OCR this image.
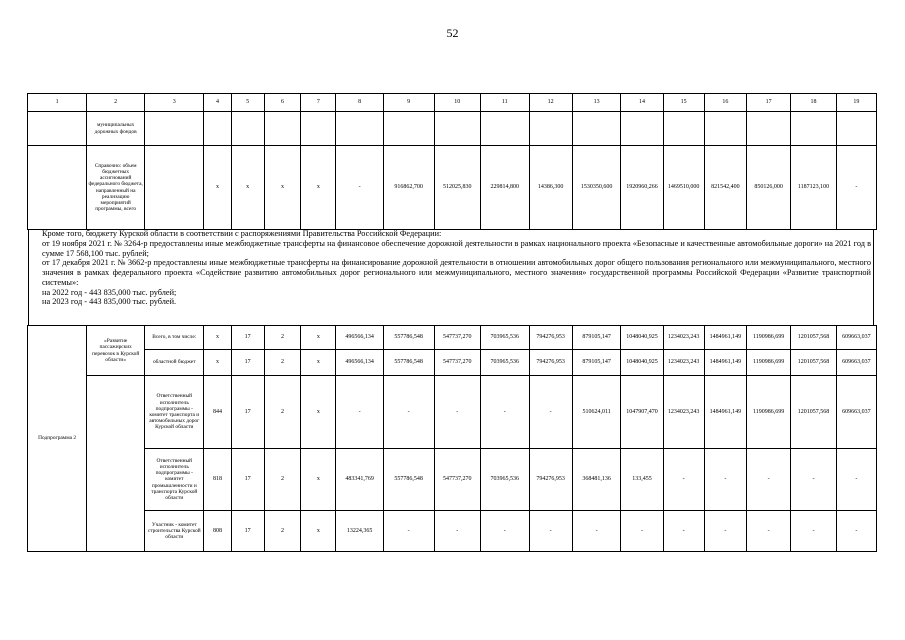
52
1	2	3	4	5	6	7	8	9	10	11	12	13	14	15	16	17	18	19
	муниципальных дорожных фондов																	
	Справочно: объем бюджетных ассигнований федерального бюджета, направленный на реализацию мероприятий программы, всего		х	х	х	х	-	916862,700	512025,830	229814,800	14386,300	1530350,600	1920960,266	1469510,000	821542,400	850126,000	1187123,100	-

Кроме того, бюджету Курской области в соответствии с распоряжениями Правительства Российской Федерации:

от 19 ноября 2021 г. № 3264-р предоставлены иные межбюджетные трансферты на финансовое обеспечение дорожной деятельности в рамках национального проекта «Безопасные и качественные автомобильные дороги» на 2021 год в сумме 17 568,100 тыс. рублей;

от 17 декабря 2021 г. № 3662-р предоставлены иные межбюджетные трансферты на финансирование дорожной деятельности в отношении автомобильных дорог общего пользования регионального или межмуниципального, местного значения в рамках федерального проекта «Содействие развитию автомобильных дорог регионального или межмуниципального, местного значения» государственной программы Российской Федерации «Развитие транспортной системы»:

на 2022 год - 443 835,000 тыс. рублей;

на 2023 год - 443 835,000 тыс. рублей.

Подпрограмма 2	«Развитие пассажирских перевозок в Курской области»	Всего, в том числе:	х	17	2	х	496566,134	557786,548	547737,270	703965,536	794276,953	879105,147	1048040,925	1234023,243	1484961,149	1190986,699	1201057,568	609663,037
		областной бюджет	х	17	2	х	496566,134	557786,548	547737,270	703965,536	794276,953	879105,147	1048040,925	1234023,243	1484961,149	1190986,699	1201057,568	609663,037
		Ответственный исполнитель подпрограммы - комитет транспорта и автомобильных дорог Курской области	844	17	2	х	-	-	-	-	-	510624,011	1047907,470	1234023,243	1484961,149	1190986,699	1201057,568	609663,037
		Ответственный исполнитель подпрограммы - комитет промышленности и транспорта Курской области	818	17	2	х	483341,769	557786,548	547737,270	703965,536	794276,953	368481,136	133,455	-	-	-	-	-
		Участник - комитет строительства Курской области	808	17	2	х	13224,365	-	-	-	-	-	-	-	-	-	-	-
